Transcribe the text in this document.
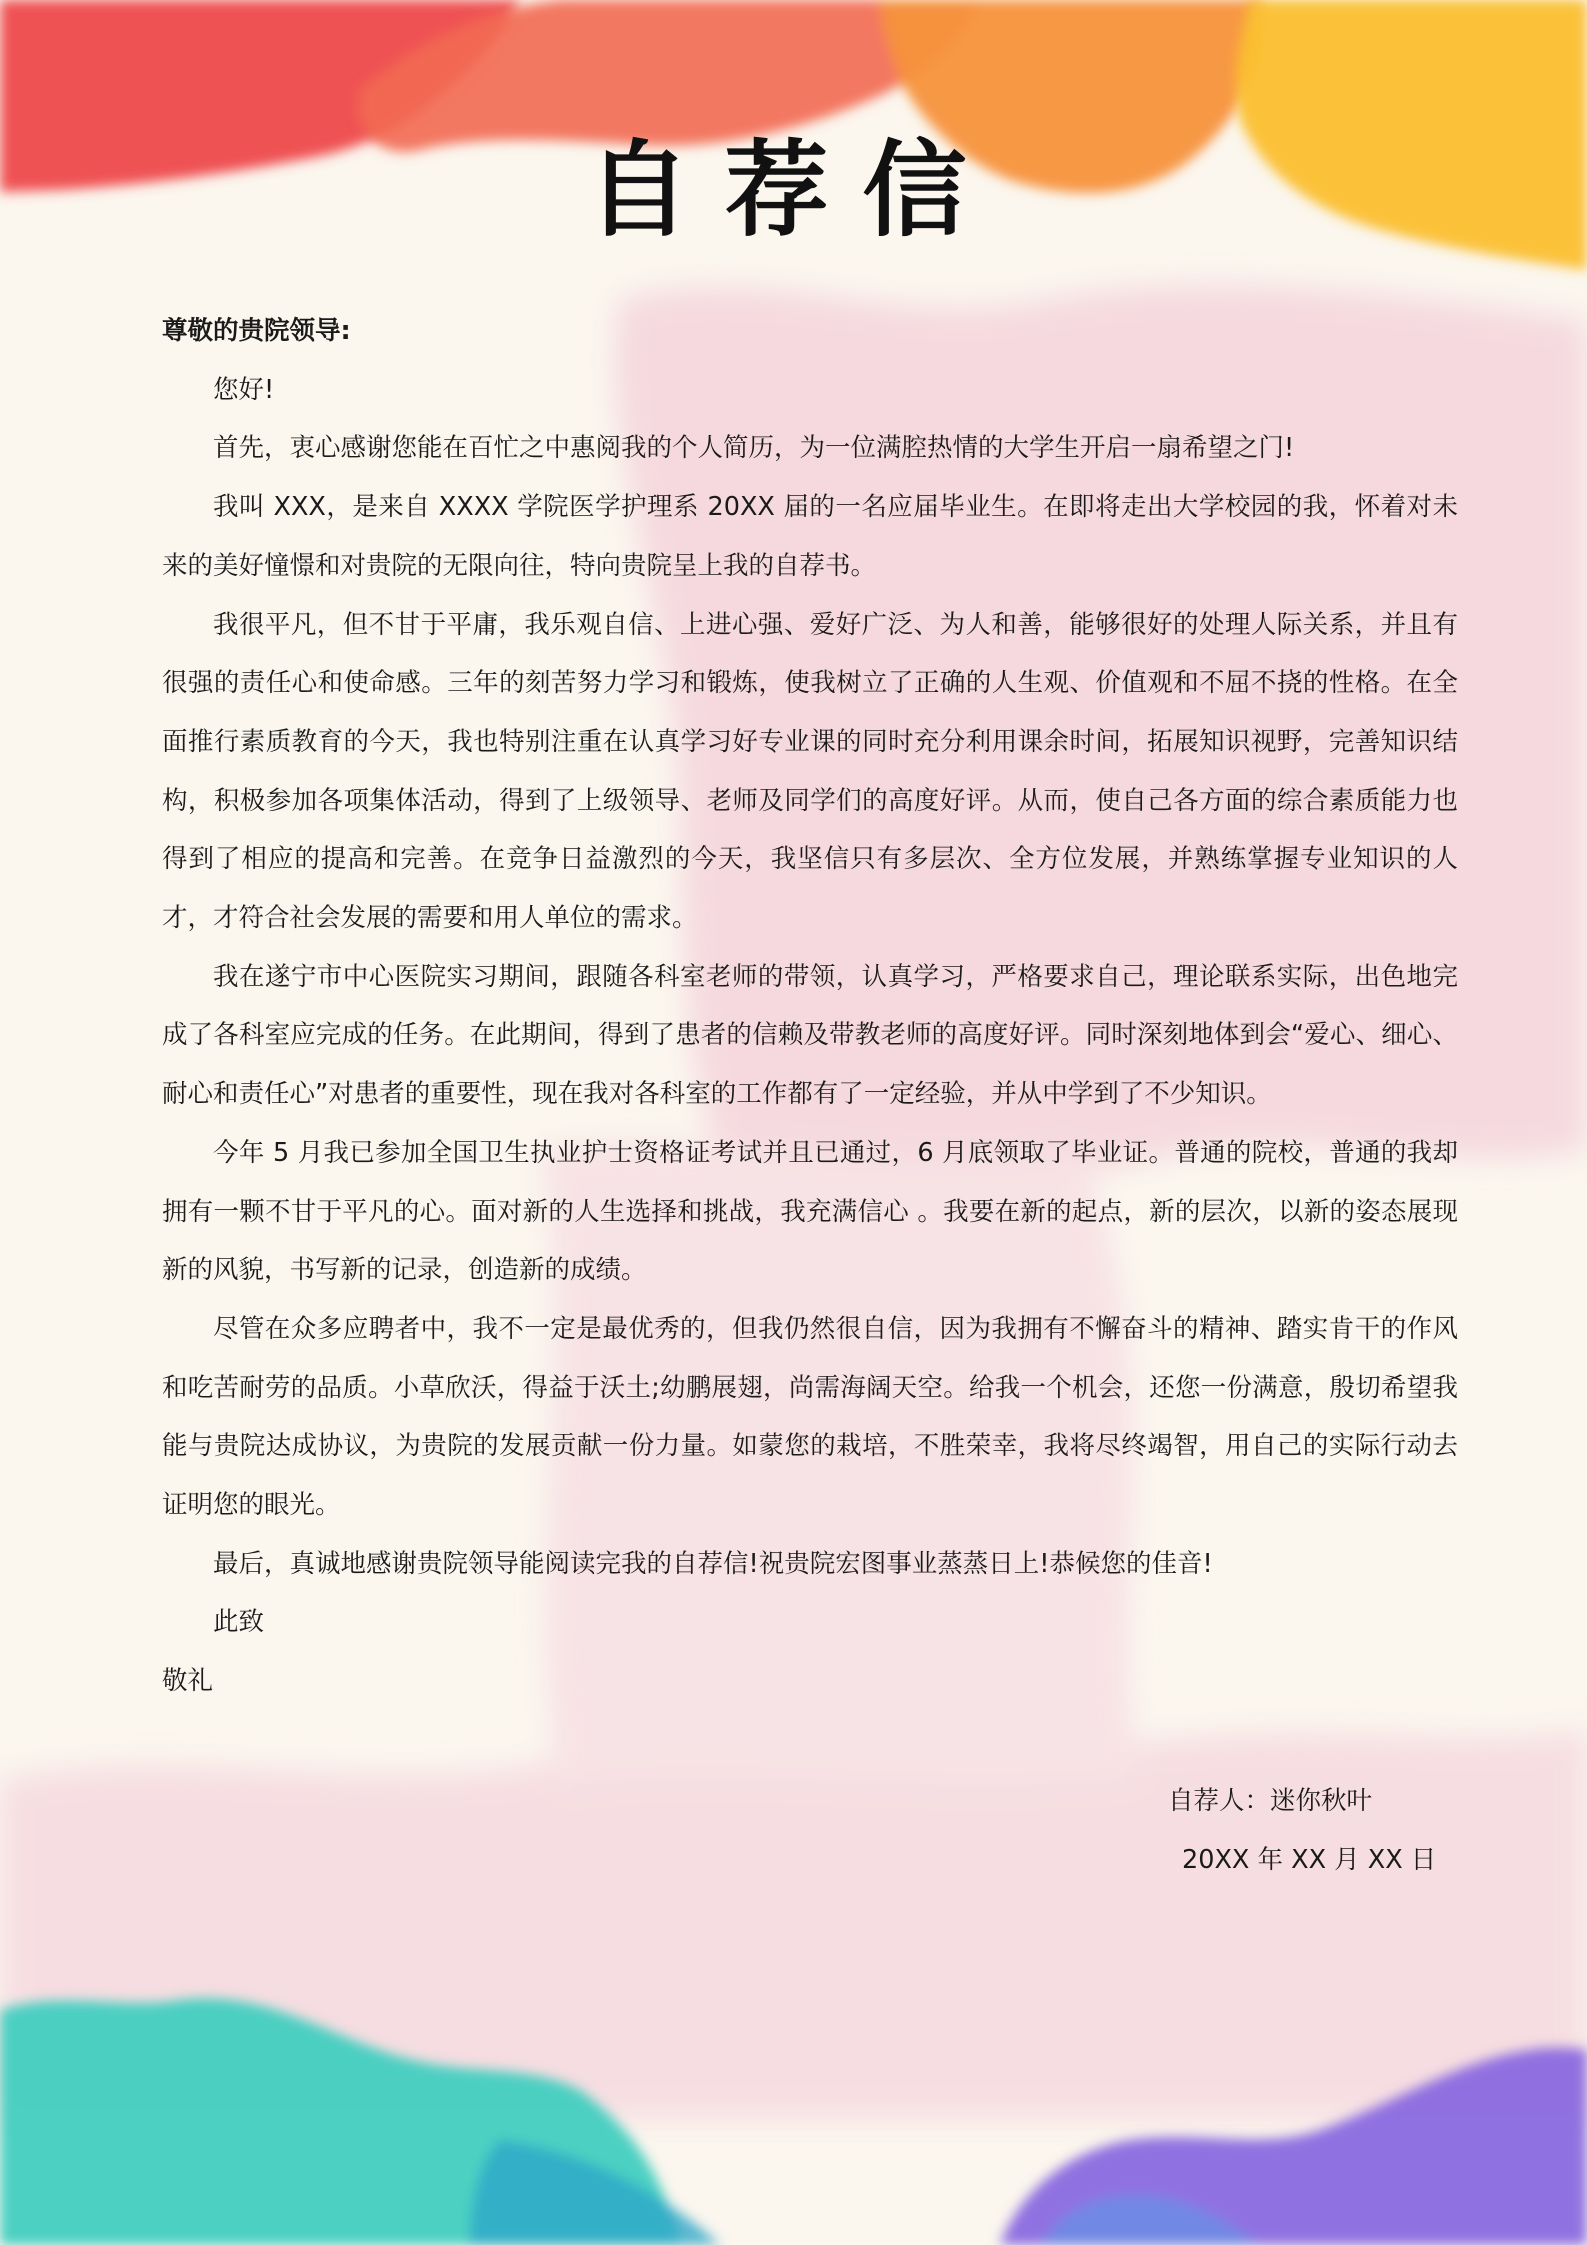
自荐信

尊敬的贵院领导:

您好!

首先，衷心感谢您能在百忙之中惠阅我的个人简历，为一位满腔热情的大学生开启一扇希望之门!

我叫 XXX，是来自 XXXX 学院医学护理系 20XX 届的一名应届毕业生。在即将走出大学校园的我，怀着对未来的美好憧憬和对贵院的无限向往，特向贵院呈上我的自荐书。

我很平凡，但不甘于平庸，我乐观自信、上进心强、爱好广泛、为人和善，能够很好的处理人际关系，并且有很强的责任心和使命感。三年的刻苦努力学习和锻炼，使我树立了正确的人生观、价值观和不屈不挠的性格。在全面推行素质教育的今天，我也特别注重在认真学习好专业课的同时充分利用课余时间，拓展知识视野，完善知识结构，积极参加各项集体活动，得到了上级领导、老师及同学们的高度好评。从而，使自己各方面的综合素质能力也得到了相应的提高和完善。在竞争日益激烈的今天，我坚信只有多层次、全方位发展，并熟练掌握专业知识的人才，才符合社会发展的需要和用人单位的需求。

我在遂宁市中心医院实习期间，跟随各科室老师的带领，认真学习，严格要求自己，理论联系实际，出色地完成了各科室应完成的任务。在此期间，得到了患者的信赖及带教老师的高度好评。同时深刻地体到会“爱心、细心、耐心和责任心”对患者的重要性，现在我对各科室的工作都有了一定经验，并从中学到了不少知识。

今年 5 月我已参加全国卫生执业护士资格证考试并且已通过，6 月底领取了毕业证。普通的院校，普通的我却拥有一颗不甘于平凡的心。面对新的人生选择和挑战，我充满信心 。我要在新的起点，新的层次，以新的姿态展现新的风貌，书写新的记录，创造新的成绩。

尽管在众多应聘者中，我不一定是最优秀的，但我仍然很自信，因为我拥有不懈奋斗的精神、踏实肯干的作风和吃苦耐劳的品质。小草欣沃，得益于沃土;幼鹏展翅，尚需海阔天空。给我一个机会，还您一份满意，殷切希望我能与贵院达成协议，为贵院的发展贡献一份力量。如蒙您的栽培，不胜荣幸，我将尽终竭智，用自己的实际行动去证明您的眼光。

最后，真诚地感谢贵院领导能阅读完我的自荐信!祝贵院宏图事业蒸蒸日上!恭候您的佳音!

此致

敬礼

自荐人：迷你秋叶
20XX 年 XX 月 XX 日
